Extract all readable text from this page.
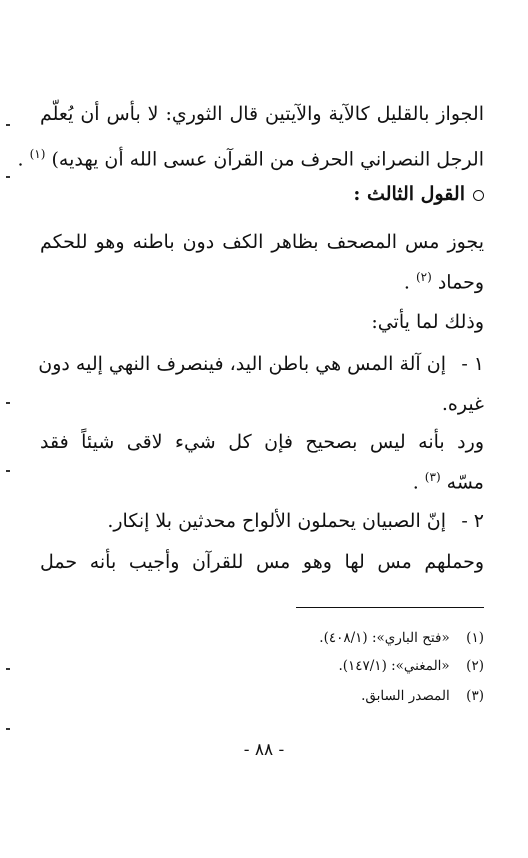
الجواز بالقليل كالآية والآيتين قال الثوري: لا بأس أن يُعلّم
الرجل النصراني الحرف من القرآن عسى الله أن يهديه) $^{(١)}$ .
القول الثالث :
يجوز مس المصحف بظاهر الكف دون باطنه وهو للحكم
وحماد $^{(٢)}$ .
وذلك لما يأتي:
١ -
إن آلة المس هي باطن اليد، فينصرف النهي إليه دون
غيره.
ورد بأنه ليس بصحيح فإن كل شيء لاقى شيئاً فقد
مسّه $^{(٣)}$ .
٢ -
إنّ الصبيان يحملون الألواح محدثين بلا إنكار.
وحملهم مس لها وهو مس للقرآن وأجيب بأنه حمل
(١) «فتح الباري»: (٤٠٨/١).
(٢) «المغني»: (١٤٧/١).
(٣) المصدر السابق.
- ٨٨ -
